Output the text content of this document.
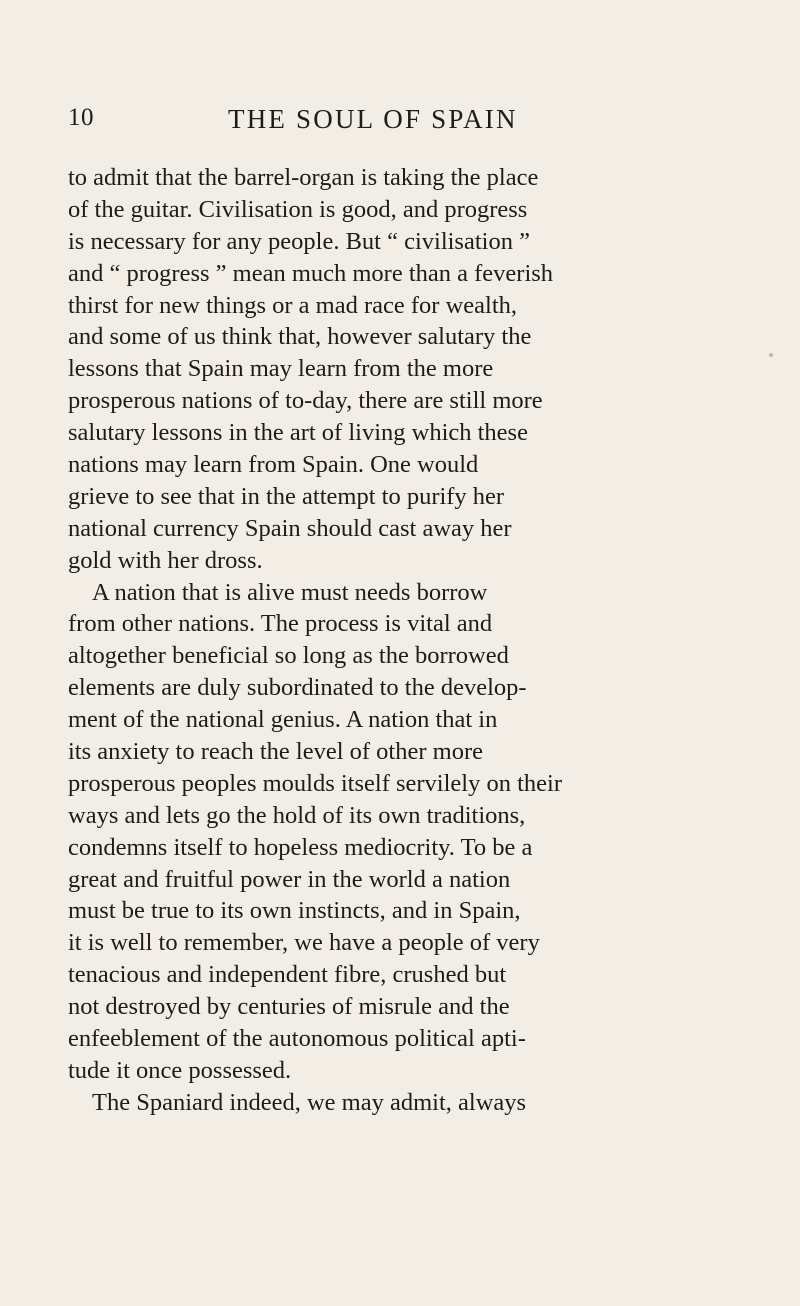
10	THE SOUL OF SPAIN
to admit that the barrel-organ is taking the place
of the guitar. Civilisation is good, and progress
is necessary for any people. But “ civilisation ”
and “ progress ” mean much more than a feverish
thirst for new things or a mad race for wealth,
and some of us think that, however salutary the
lessons that Spain may learn from the more
prosperous nations of to-day, there are still more
salutary lessons in the art of living which these
nations may learn from Spain. One would
grieve to see that in the attempt to purify her
national currency Spain should cast away her
gold with her dross.
A nation that is alive must needs borrow
from other nations. The process is vital and
altogether beneficial so long as the borrowed
elements are duly subordinated to the develop-
ment of the national genius. A nation that in
its anxiety to reach the level of other more
prosperous peoples moulds itself servilely on their
ways and lets go the hold of its own traditions,
condemns itself to hopeless mediocrity. To be a
great and fruitful power in the world a nation
must be true to its own instincts, and in Spain,
it is well to remember, we have a people of very
tenacious and independent fibre, crushed but
not destroyed by centuries of misrule and the
enfeeblement of the autonomous political apti-
tude it once possessed.
The Spaniard indeed, we may admit, always
